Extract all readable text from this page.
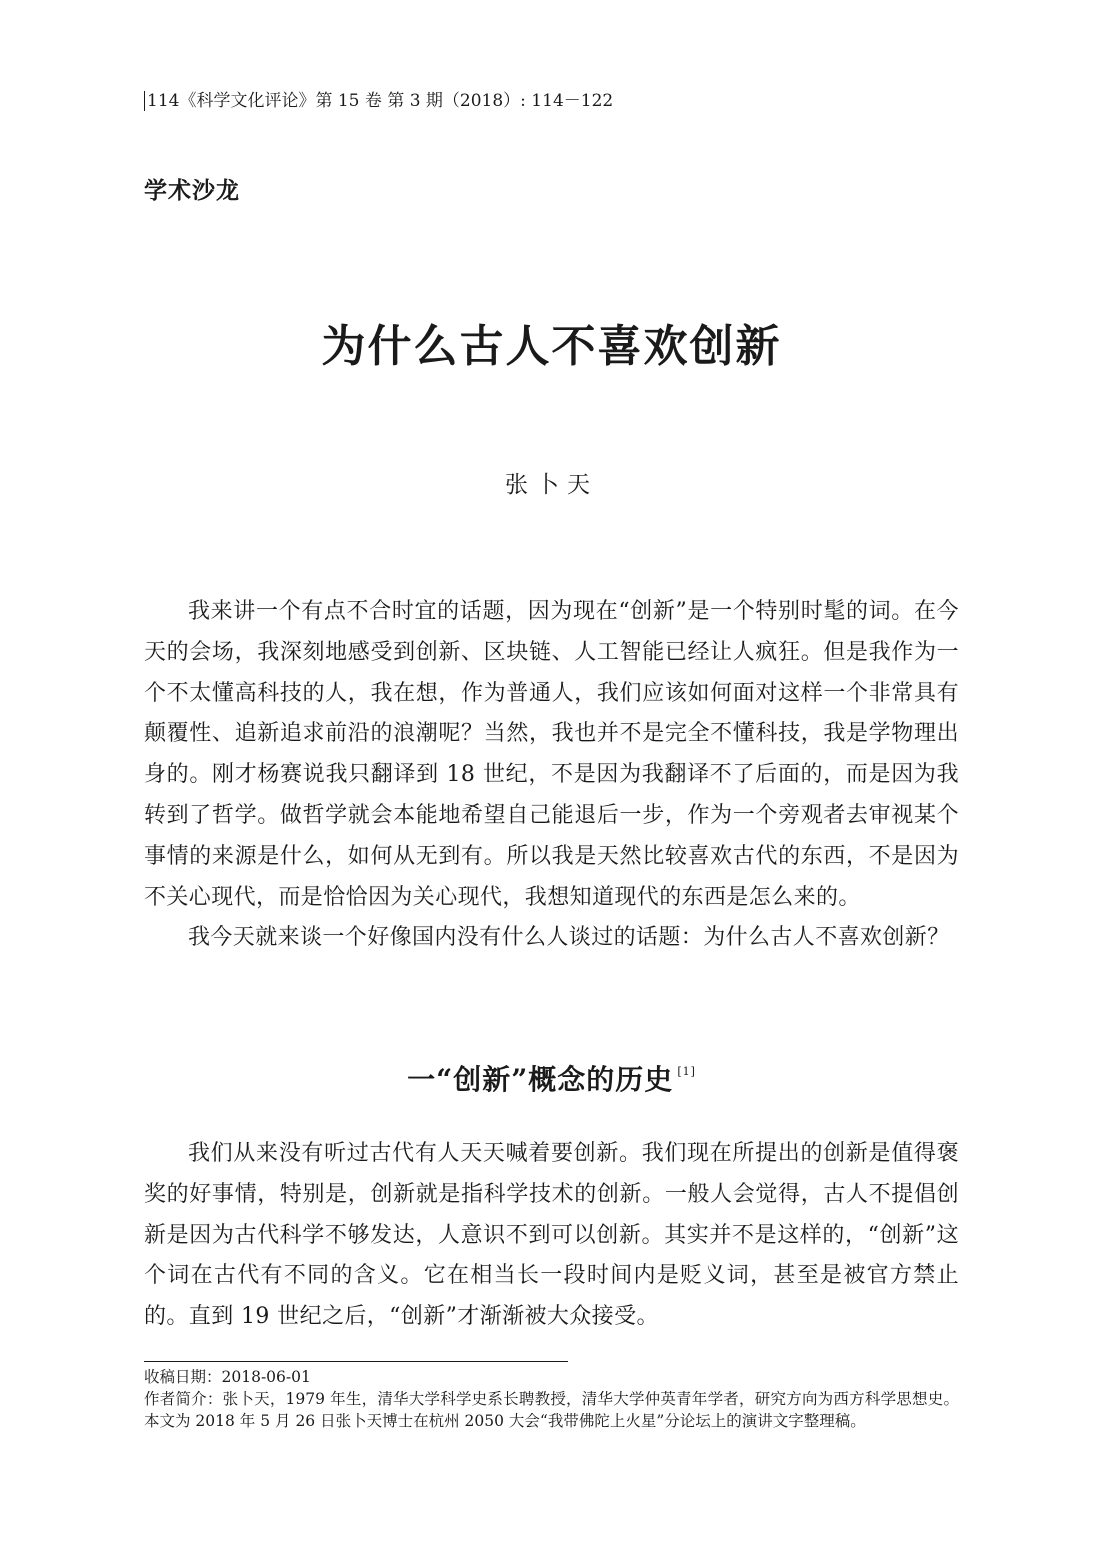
114《科学文化评论》第 15 卷 第 3 期（2018）: 114－122
学术沙龙
为什么古人不喜欢创新
张卜天

我来讲一个有点不合时宜的话题，因为现在“创新”是一个特别时髦的词。在今天的会场，我深刻地感受到创新、区块链、人工智能已经让人疯狂。但是我作为一个不太懂高科技的人，我在想，作为普通人，我们应该如何面对这样一个非常具有颠覆性、追新追求前沿的浪潮呢？当然，我也并不是完全不懂科技，我是学物理出身的。刚才杨赛说我只翻译到 18 世纪，不是因为我翻译不了后面的，而是因为我转到了哲学。做哲学就会本能地希望自己能退后一步，作为一个旁观者去审视某个事情的来源是什么，如何从无到有。所以我是天然比较喜欢古代的东西，不是因为不关心现代，而是恰恰因为关心现代，我想知道现代的东西是怎么来的。

我今天就来谈一个好像国内没有什么人谈过的话题：为什么古人不喜欢创新？

一“创新”概念的历史 [1]

我们从来没有听过古代有人天天喊着要创新。我们现在所提出的创新是值得褒奖的好事情，特别是，创新就是指科学技术的创新。一般人会觉得，古人不提倡创新是因为古代科学不够发达，人意识不到可以创新。其实并不是这样的，“创新”这个词在古代有不同的含义。它在相当长一段时间内是贬义词，甚至是被官方禁止的。直到 19 世纪之后，“创新”才渐渐被大众接受。

收稿日期：2018-06-01

作者简介：张卜天，1979 年生，清华大学科学史系长聘教授，清华大学仲英青年学者，研究方向为西方科学思想史。本文为 2018 年 5 月 26 日张卜天博士在杭州 2050 大会“我带佛陀上火星”分论坛上的演讲文字整理稿。
